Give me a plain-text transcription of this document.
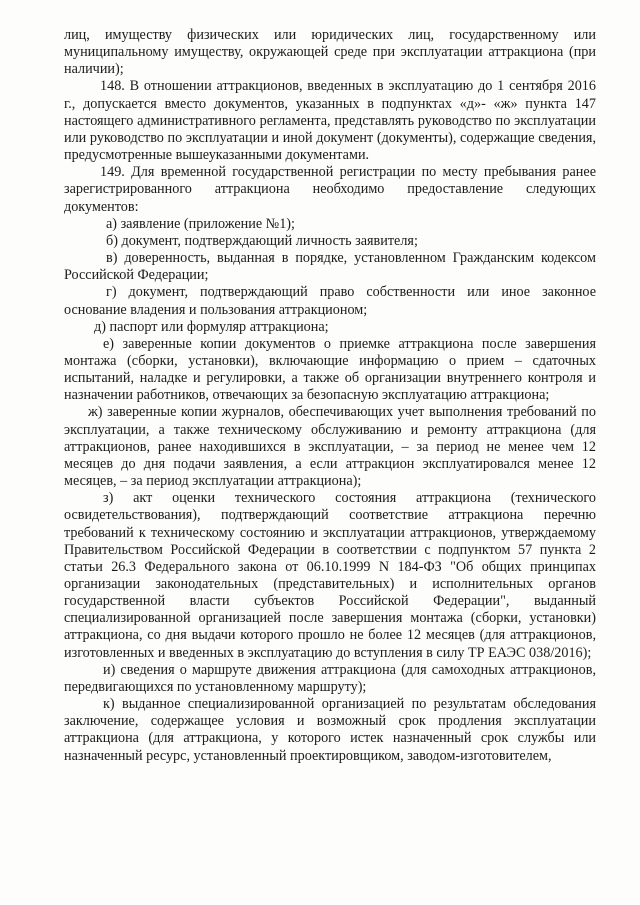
лиц, имуществу физических или юридических лиц, государственному или муниципальному имуществу, окружающей среде при эксплуатации аттракциона (при наличии);

148. В отношении аттракционов, введенных в эксплуатацию до 1 сентября 2016 г., допускается вместо документов, указанных в подпунктах «д»- «ж» пункта 147 настоящего административного регламента, представлять руководство по эксплуатации или руководство по эксплуатации и иной документ (документы), содержащие сведения, предусмотренные вышеуказанными документами.

149. Для временной государственной регистрации по месту пребывания ранее зарегистрированного аттракциона необходимо предоставление следующих документов:

а) заявление (приложение №1);

б) документ, подтверждающий личность заявителя;

в) доверенность, выданная в порядке, установленном Гражданским кодексом Российской Федерации;

г) документ, подтверждающий право собственности или иное законное основание владения и пользования аттракционом;

д) паспорт или формуляр аттракциона;

е) заверенные копии документов о приемке аттракциона после завершения монтажа (сборки, установки), включающие информацию о прием – сдаточных испытаний, наладке и регулировки, а также об организации внутреннего контроля и назначении работников, отвечающих за безопасную эксплуатацию аттракциона;

ж) заверенные копии журналов, обеспечивающих учет выполнения требований по эксплуатации, а также техническому обслуживанию и ремонту аттракциона (для аттракционов, ранее находившихся в эксплуатации, – за период не менее чем 12 месяцев до дня подачи заявления, а если аттракцион эксплуатировался менее 12 месяцев, – за период эксплуатации аттракциона);

з) акт оценки технического состояния аттракциона (технического освидетельствования), подтверждающий соответствие аттракциона перечню требований к техническому состоянию и эксплуатации аттракционов, утверждаемому Правительством Российской Федерации в соответствии с подпунктом 57 пункта 2 статьи 26.3 Федерального закона от 06.10.1999 N 184-ФЗ "Об общих принципах организации законодательных (представительных) и исполнительных органов государственной власти субъектов Российской Федерации", выданный специализированной организацией после завершения монтажа (сборки, установки) аттракциона, со дня выдачи которого прошло не более 12 месяцев (для аттракционов, изготовленных и введенных в эксплуатацию до вступления в силу ТР ЕАЭС 038/2016);

и) сведения о маршруте движения аттракциона (для самоходных аттракционов, передвигающихся по установленному маршруту);

к) выданное специализированной организацией по результатам обследования заключение, содержащее условия и возможный срок продления эксплуатации аттракциона (для аттракциона, у которого истек назначенный срок службы или назначенный ресурс, установленный проектировщиком, заводом-изготовителем,
